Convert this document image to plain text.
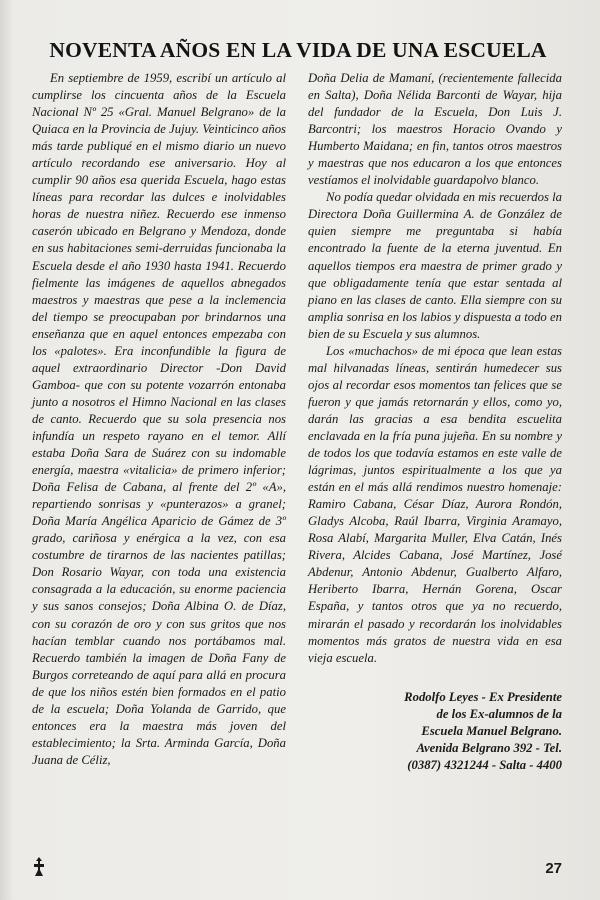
NOVENTA AÑOS EN LA VIDA DE UNA ESCUELA

En septiembre de 1959, escribí un artículo al cumplirse los cincuenta años de la Escuela Nacional Nº 25 «Gral. Manuel Belgrano» de la Quiaca en la Provincia de Jujuy. Veinticinco años más tarde publiqué en el mismo diario un nuevo artículo recordando ese aniversario. Hoy al cumplir 90 años esa querida Escuela, hago estas líneas para recordar las dulces e inolvidables horas de nuestra niñez. Recuerdo ese inmenso caserón ubicado en Belgrano y Mendoza, donde en sus habitaciones semi-derruidas funcionaba la Escuela desde el año 1930 hasta 1941. Recuerdo fielmente las imágenes de aquellos abnegados maestros y maestras que pese a la inclemencia del tiempo se preocupaban por brindarnos una enseñanza que en aquel entonces empezaba con los «palotes». Era inconfundible la figura de aquel extraordinario Director -Don David Gamboa- que con su potente vozarrón entonaba junto a nosotros el Himno Nacional en las clases de canto. Recuerdo que su sola presencia nos infundía un respeto rayano en el temor. Allí estaba Doña Sara de Suárez con su indomable energía, maestra «vitalicia» de primero inferior; Doña Felisa de Cabana, al frente del 2º «A», repartiendo sonrisas y «punterazos» a granel; Doña María Angélica Aparicio de Gámez de 3º grado, cariñosa y enérgica a la vez, con esa costumbre de tirarnos de las nacientes patillas; Don Rosario Wayar, con toda una existencia consagrada a la educación, su enorme paciencia y sus sanos consejos; Doña Albina O. de Díaz, con su corazón de oro y con sus gritos que nos hacían temblar cuando nos portábamos mal. Recuerdo también la imagen de Doña Fany de Burgos correteando de aquí para allá en procura de que los niños estén bien formados en el patio de la escuela; Doña Yolanda de Garrido, que entonces era la maestra más joven del establecimiento; la Srta. Arminda García, Doña Juana de Céliz,

Doña Delia de Mamaní, (recientemente fallecida en Salta), Doña Nélida Barconti de Wayar, hija del fundador de la Escuela, Don Luis J. Barcontri; los maestros Horacio Ovando y Humberto Maidana; en fin, tantos otros maestros y maestras que nos educaron a los que entonces vestíamos el inolvidable guardapolvo blanco.

No podía quedar olvidada en mis recuerdos la Directora Doña Guillermina A. de González de quien siempre me preguntaba si había encontrado la fuente de la eterna juventud. En aquellos tiempos era maestra de primer grado y que obligadamente tenía que estar sentada al piano en las clases de canto. Ella siempre con su amplia sonrisa en los labios y dispuesta a todo en bien de su Escuela y sus alumnos.

Los «muchachos» de mi época que lean estas mal hilvanadas líneas, sentirán humedecer sus ojos al recordar esos momentos tan felices que se fueron y que jamás retornarán y ellos, como yo, darán las gracias a esa bendita escuelita enclavada en la fría puna jujeña. En su nombre y de todos los que todavía estamos en este valle de lágrimas, juntos espiritualmente a los que ya están en el más allá rendimos nuestro homenaje: Ramiro Cabana, César Díaz, Aurora Rondón, Gladys Alcoba, Raúl Ibarra, Virginia Aramayo, Rosa Alabí, Margarita Muller, Elva Catán, Inés Rivera, Alcides Cabana, José Martínez, José Abdenur, Antonio Abdenur, Gualberto Alfaro, Heriberto Ibarra, Hernán Gorena, Oscar España, y tantos otros que ya no recuerdo, mirarán el pasado y recordarán los inolvidables momentos más gratos de nuestra vida en esa vieja escuela.

Rodolfo Leyes - Ex Presidente
de los Ex-alumnos de la
Escuela Manuel Belgrano.
Avenida Belgrano 392 - Tel.
(0387) 4321244 - Salta - 4400
27
